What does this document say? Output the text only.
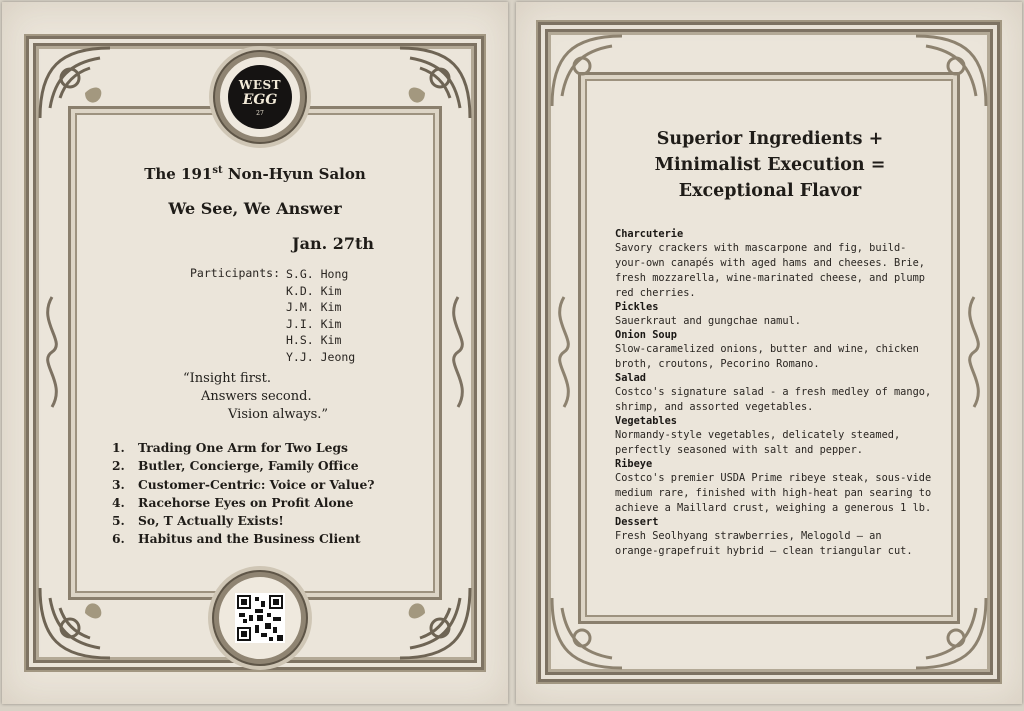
WEST
EGG
27
The 191st Non-Hyun Salon
We See, We Answer
Jan. 27th
Participants: S.G. Hong
K.D. Kim
J.M. Kim
J.I. Kim
H.S. Kim
Y.J. Jeong
“Insight first.
Answers second.
Vision always.”
1. Trading One Arm for Two Legs
2. Butler, Concierge, Family Office
3. Customer-Centric: Voice or Value?
4. Racehorse Eyes on Profit Alone
5. So, T Actually Exists!
6. Habitus and the Business Client
Superior Ingredients +
Minimalist Execution =
Exceptional Flavor
Charcuterie
Savory crackers with mascarpone and fig, build-
your-own canapés with aged hams and cheeses. Brie,
fresh mozzarella, wine-marinated cheese, and plump
red cherries.
Pickles
Sauerkraut and gungchae namul.
Onion Soup
Slow-caramelized onions, butter and wine, chicken
broth, croutons, Pecorino Romano.
Salad
Costco's signature salad - a fresh medley of mango,
shrimp, and assorted vegetables.
Vegetables
Normandy-style vegetables, delicately steamed,
perfectly seasoned with salt and pepper.
Ribeye
Costco's premier USDA Prime ribeye steak, sous-vide
medium rare, finished with high-heat pan searing to
achieve a Maillard crust, weighing a generous 1 lb.
Dessert
Fresh Seolhyang strawberries, Melogold — an
orange-grapefruit hybrid — clean triangular cut.
